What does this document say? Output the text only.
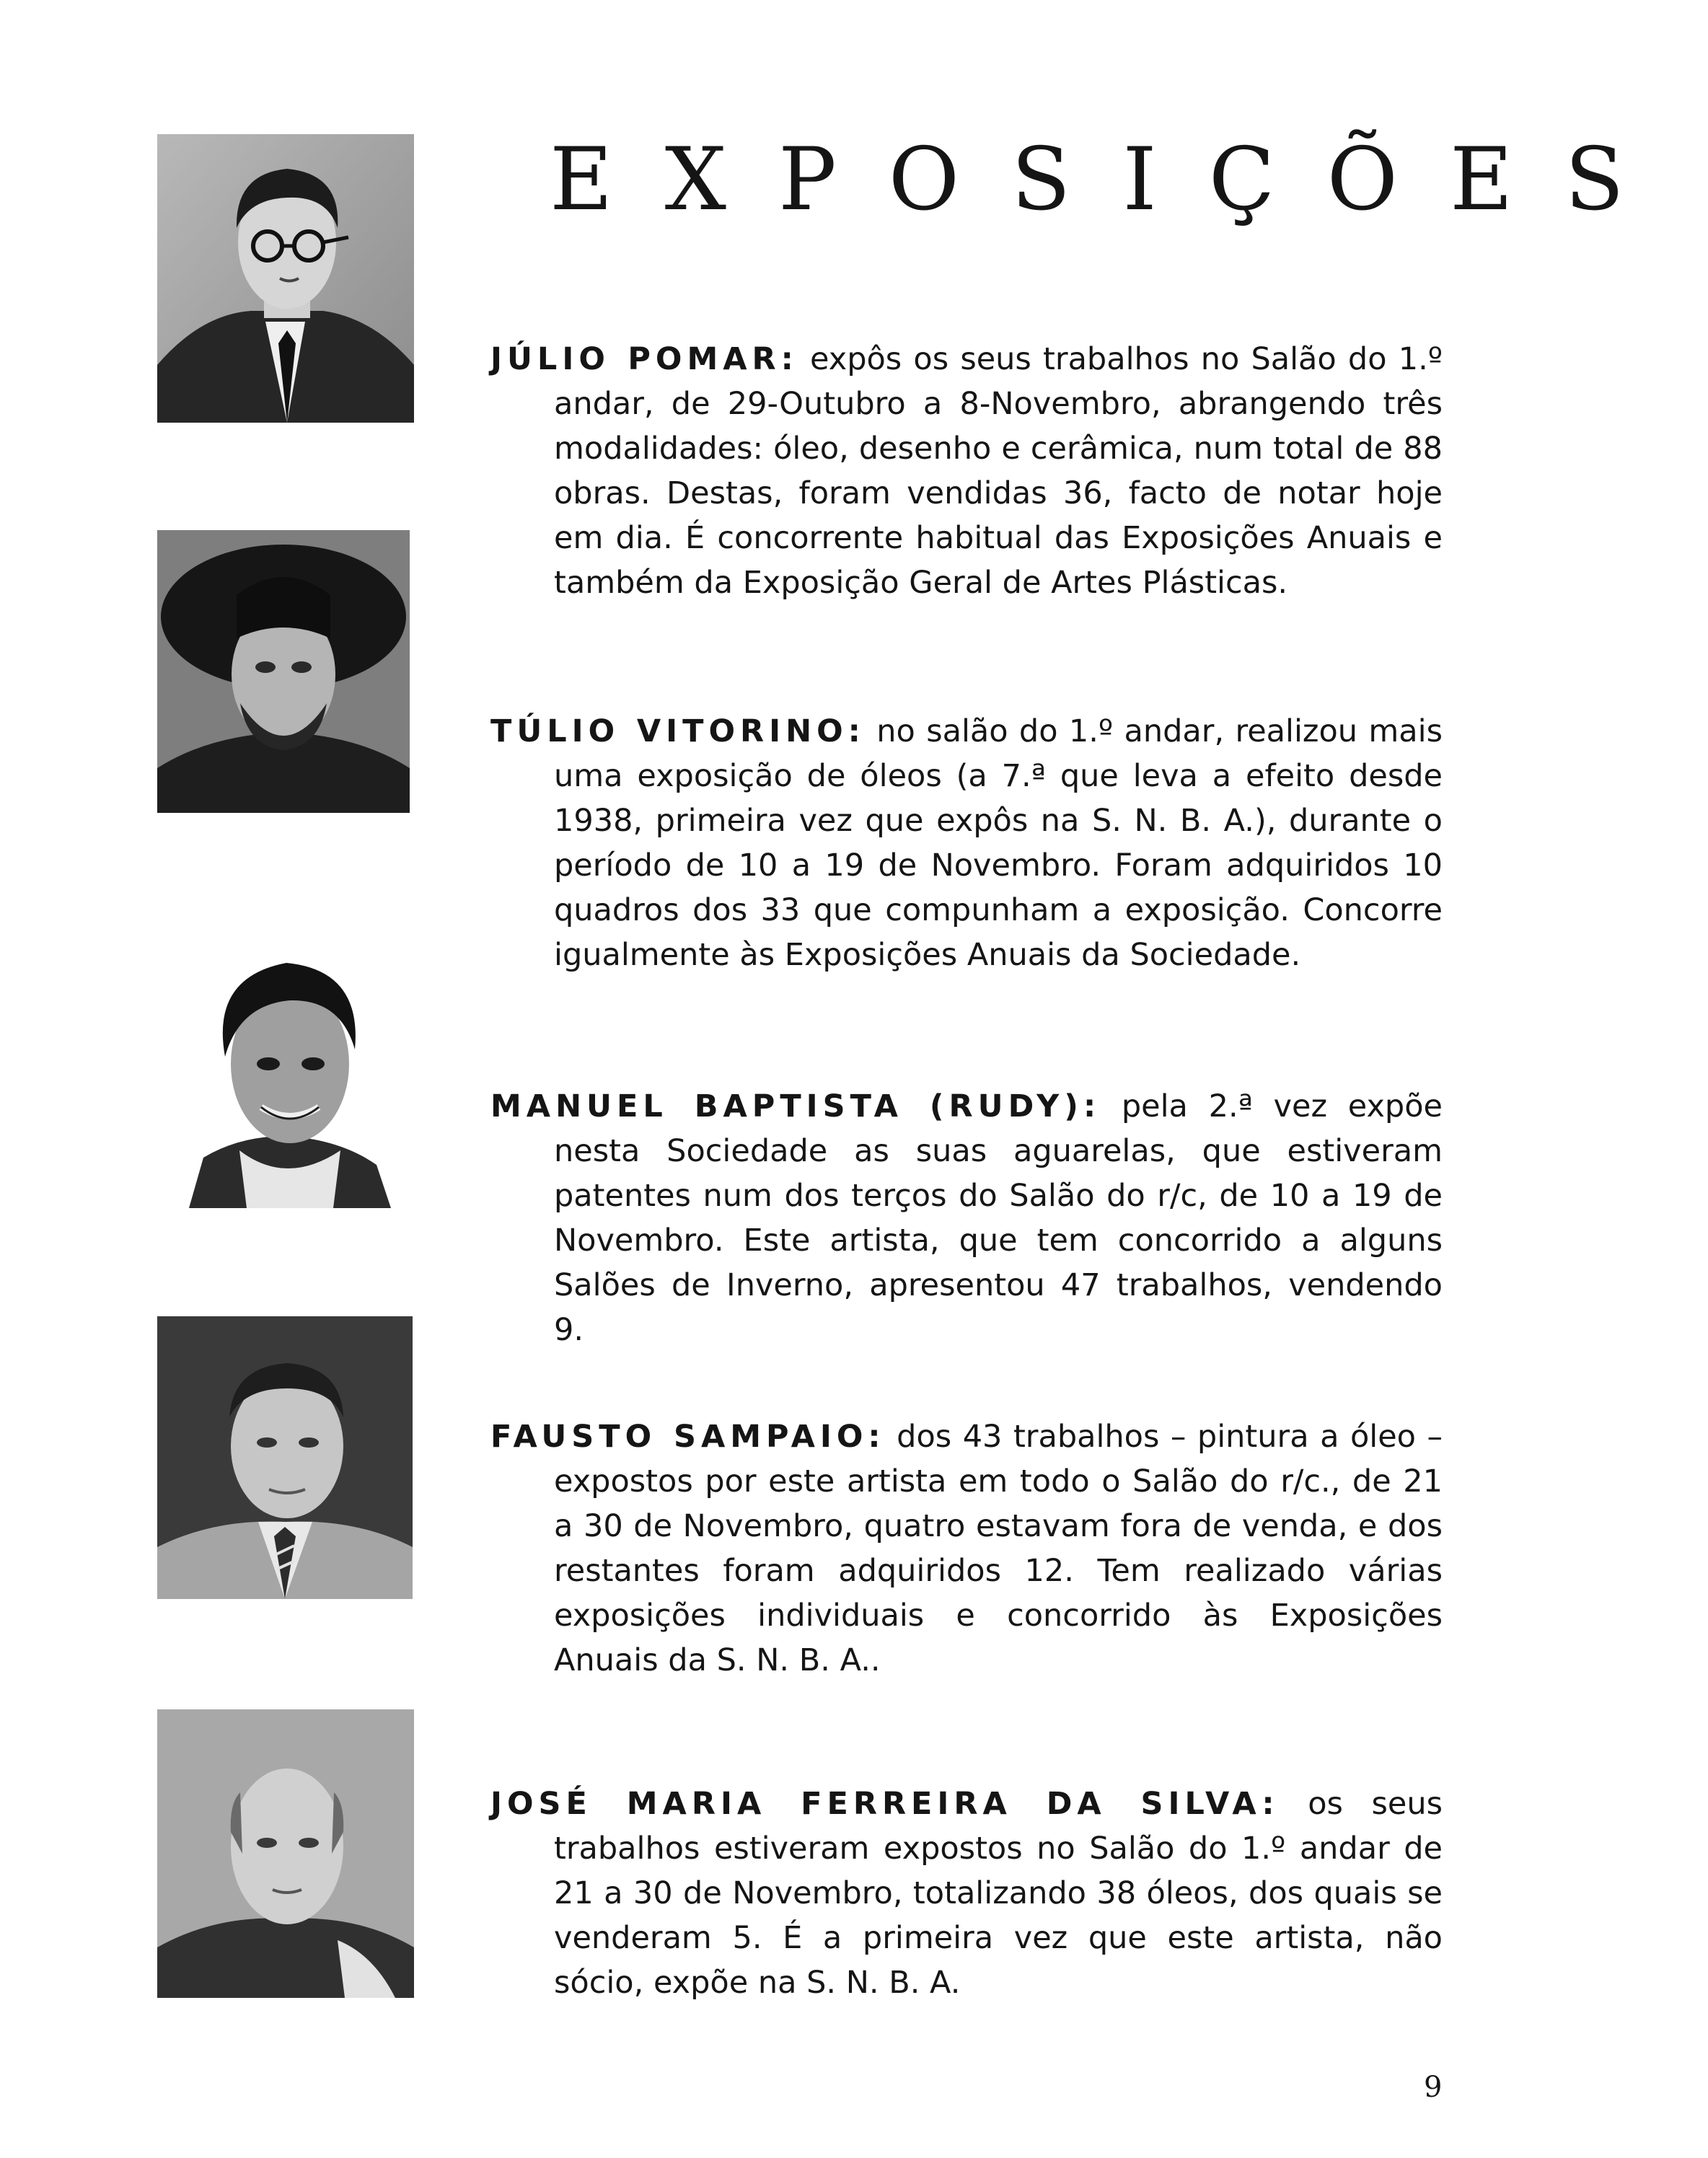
EXPOSIÇÕES

JÚLIO POMAR: expôs os seus trabalhos no Salão do 1.º andar, de 29-Outubro a 8-Novembro, abrangendo três modalidades: óleo, desenho e cerâmica, num total de 88 obras. Destas, foram vendidas 36, facto de notar hoje em dia. É concorrente habitual das Exposições Anuais e também da Exposição Geral de Artes Plásticas.

TÚLIO VITORINO: no salão do 1.º andar, realizou mais uma exposição de óleos (a 7.ª que leva a efeito desde 1938, primeira vez que expôs na S. N. B. A.), durante o período de 10 a 19 de Novembro. Foram adquiridos 10 quadros dos 33 que compunham a exposição. Concorre igualmente às Exposições Anuais da Sociedade.

MANUEL BAPTISTA (RUDY): pela 2.ª vez expõe nesta Sociedade as suas aguarelas, que estiveram patentes num dos terços do Salão do r/c, de 10 a 19 de Novembro. Este artista, que tem concorrido a alguns Salões de Inverno, apresentou 47 trabalhos, vendendo 9.

FAUSTO SAMPAIO: dos 43 trabalhos – pintura a óleo – expostos por este artista em todo o Salão do r/c., de 21 a 30 de Novembro, quatro estavam fora de venda, e dos restantes foram adquiridos 12. Tem realizado várias exposições individuais e concorrido às Exposições Anuais da S. N. B. A..

JOSÉ MARIA FERREIRA DA SILVA: os seus trabalhos estiveram expostos no Salão do 1.º andar de 21 a 30 de Novembro, totalizando 38 óleos, dos quais se venderam 5. É a primeira vez que este artista, não sócio, expõe na S. N. B. A.

9
